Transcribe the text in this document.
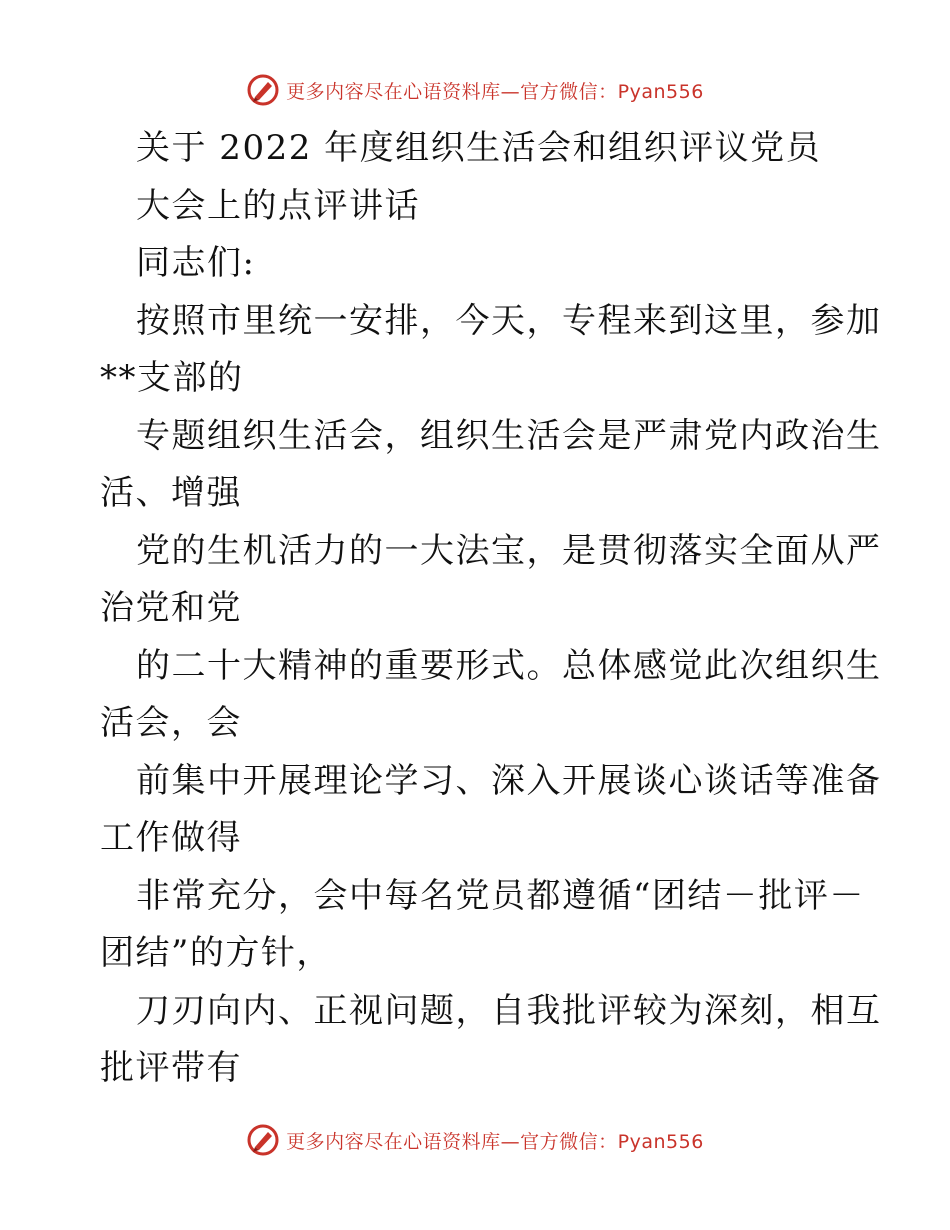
更多内容尽在心语资料库—官方微信：Pyan556
关于 2022 年度组织生活会和组织评议党员
大会上的点评讲话
同志们:
按照市里统一安排，今天，专程来到这里，参加
**支部的
专题组织生活会，组织生活会是严肃党内政治生
活、增强
党的生机活力的一大法宝，是贯彻落实全面从严
治党和党
的二十大精神的重要形式。总体感觉此次组织生
活会，会
前集中开展理论学习、深入开展谈心谈话等准备
工作做得
非常充分，会中每名党员都遵循“团结－批评－
团结”的方针，
刀刃向内、正视问题，自我批评较为深刻，相互
批评带有
更多内容尽在心语资料库—官方微信：Pyan556
